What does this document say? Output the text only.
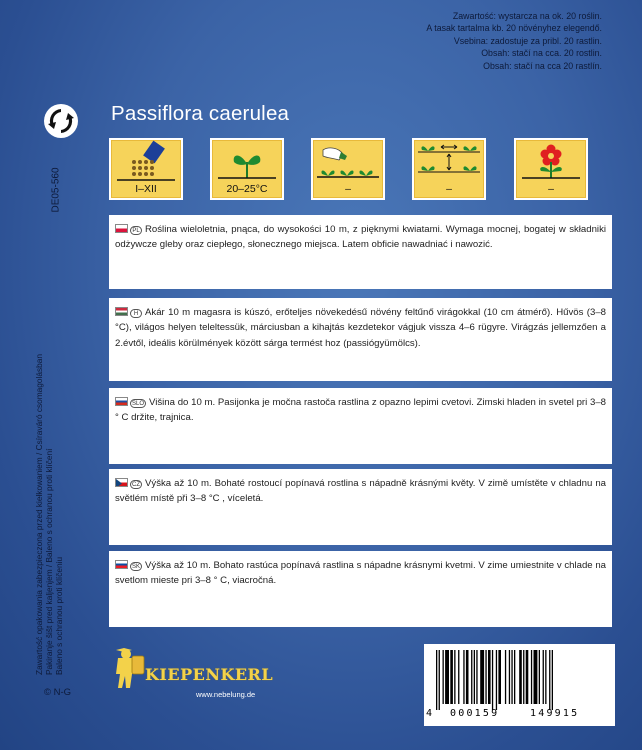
Zawartość: wystarcza na ok. 20 roślin.
A tasak tartalma kb. 20 növényhez elegendő.
Vsebina: zadostuje za pribl. 20 rastlin.
Obsah: stačí na cca. 20 rostlin.
Obsah: stačí na cca 20 rastlín.
Passiflora caerulea
DE05-560
Zawartość opakowania zabezpieczona przed kiełkowaniem / Csíraváró csomagolásban Pakiranje šišt pred kaljenjem / Baleno s ochranou proti klíčení Baleno s ochranou proti klíčeniu
© N-G
I–XII	20–25°C	–	–	–
PL Roślina wieloletnia, pnąca, do wysokości 10 m, z pięknymi kwiatami. Wymaga mocnej, bogatej w składniki odżywcze gleby oraz ciepłego, słonecznego miejsca. Latem obficie nawadniać i nawozić.
H Akár 10 m magasra is kúszó, erőteljes növekedésű növény feltűnő virágokkal (10 cm átmérő). Hűvös (3–8 °C), világos helyen teleltessük, márciusban a kihajtás kezdetekor vágjuk vissza 4–6 rügyre. Virágzás jellemzően a 2.évtől, ideális körülmények között sárga termést hoz (passiógyümölcs).
SLO Višina do 10 m. Pasijonka je močna rastoča rastlina z opazno lepimi cvetovi. Zimski hladen in svetel pri 3–8 ° C držite, trajnica.
CZ Výška až 10 m. Bohaté rostoucí popínavá rostlina s nápadně krásnými květy. V zimě umístěte v chladnu na světlém místě při 3–8 °C , víceletá.
SK Výška až 10 m. Bohato rastúca popínavá rastlina s nápadne krásnymi kvetmi. V zime umiestnite v chlade na svetlom mieste pri 3–8 ° C, viacročná.
KIEPENKERL
www.nebelung.de
4 000159	149915
